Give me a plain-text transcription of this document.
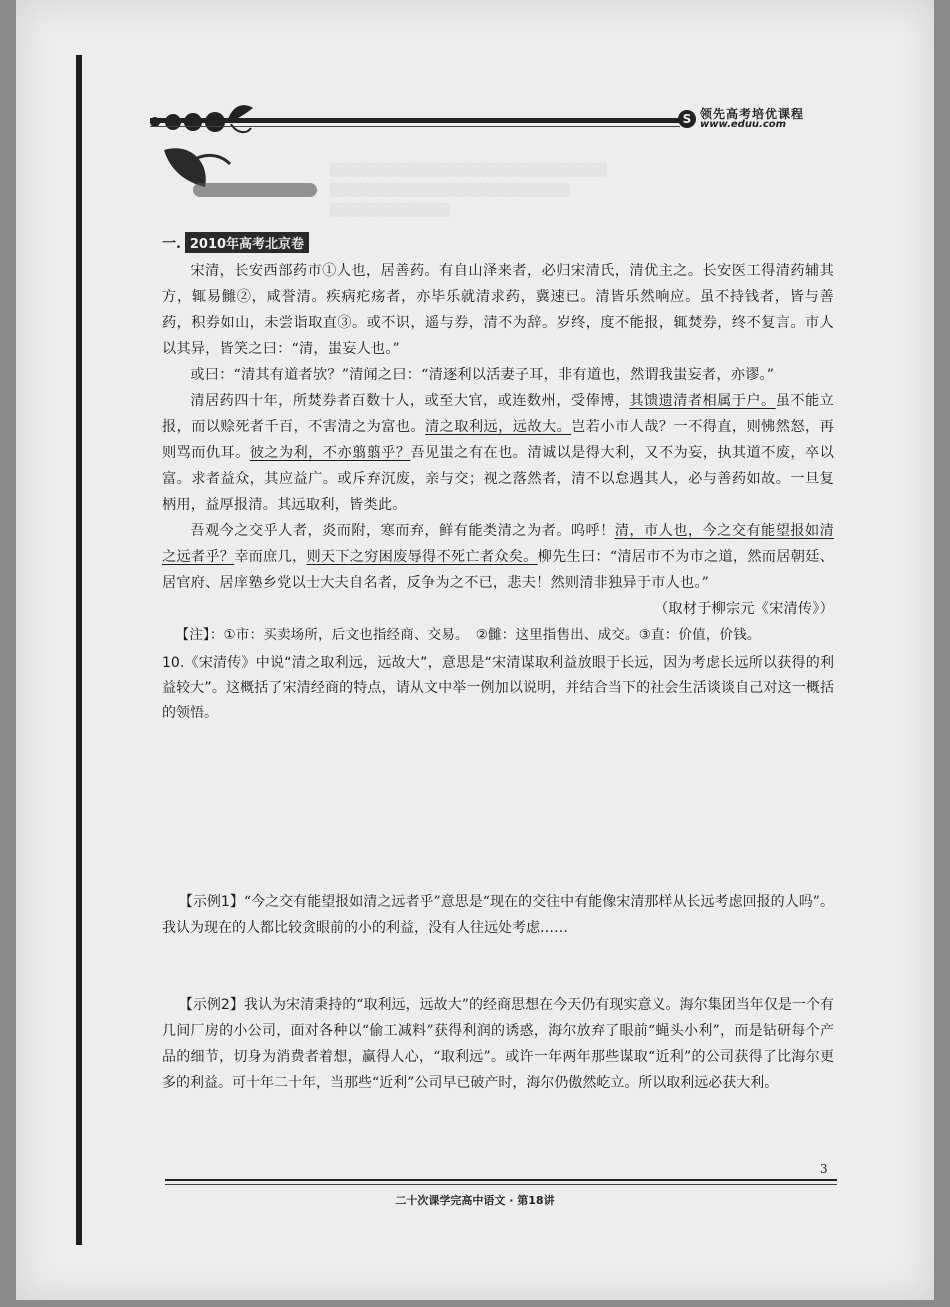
▒▒▒▒▒▒▒▒▒▒▒▒▒▒▒▒▒▒▒▒▒▒▒▒▒▒▒▒▒▒
▒▒▒▒▒▒▒▒▒▒▒▒▒▒▒▒▒▒▒▒▒▒▒▒▒▒
▒▒▒▒▒▒▒▒▒▒▒▒▒
S 领先高考培优课程
www.eduu.com
一. 2010年高考北京卷

宋清，长安西部药市①人也，居善药。有自山泽来者，必归宋清氏，清优主之。长安医工得清药辅其方，辄易雠②，咸誉清。疾病疕疡者，亦毕乐就清求药，冀速已。清皆乐然响应。虽不持钱者，皆与善药，积券如山，未尝诣取直③。或不识，遥与券，清不为辞。岁终，度不能报，辄焚券，终不复言。市人以其异，皆笑之曰：“清，蚩妄人也。”

或曰：“清其有道者欤？”清闻之曰：“清逐利以活妻子耳，非有道也，然谓我蚩妄者，亦谬。”

清居药四十年，所焚券者百数十人，或至大官，或连数州，受俸博，其馈遗清者相属于户。虽不能立报，而以赊死者千百，不害清之为富也。清之取利远，远故大。岂若小市人哉？一不得直，则怫然怒，再则骂而仇耳。彼之为利，不亦翦翦乎？吾见蚩之有在也。清诚以是得大利，又不为妄，执其道不废，卒以富。求者益众，其应益广。或斥弃沉废，亲与交；视之落然者，清不以怠遇其人，必与善药如故。一旦复柄用，益厚报清。其远取利，皆类此。

吾观今之交乎人者，炎而附，寒而弃，鲜有能类清之为者。呜呼！清，市人也，今之交有能望报如清之远者乎？幸而庶几，则天下之穷困废辱得不死亡者众矣。柳先生曰：“清居市不为市之道，然而居朝廷、居官府、居庠塾乡党以士大夫自名者，反争为之不已，悲夫！然则清非独异于市人也。”

（取材于柳宗元《宋清传》）

【注】：①市：买卖场所，后文也指经商、交易。　②雠：这里指售出、成交。③直：价值，价钱。

10.《宋清传》中说“清之取利远，远故大”，意思是“宋清谋取利益放眼于长远，因为考虑长远所以获得的利益较大”。这概括了宋清经商的特点，请从文中举一例加以说明，并结合当下的社会生活谈谈自己对这一概括的领悟。
【示例1】“今之交有能望报如清之远者乎”意思是“现在的交往中有能像宋清那样从长远考虑回报的人吗”。我认为现在的人都比较贪眼前的小的利益，没有人往远处考虑……
【示例2】我认为宋清秉持的“取利远，远故大”的经商思想在今天仍有现实意义。海尔集团当年仅是一个有几间厂房的小公司，面对各种以“偷工减料”获得利润的诱惑，海尔放弃了眼前“蝇头小利”，而是钻研每个产品的细节，切身为消费者着想，赢得人心，“取利远”。或许一年两年那些谋取“近利”的公司获得了比海尔更多的利益。可十年二十年，当那些“近利”公司早已破产时，海尔仍傲然屹立。所以取利远必获大利。
3
二十次课学完高中语文 · 第18讲
